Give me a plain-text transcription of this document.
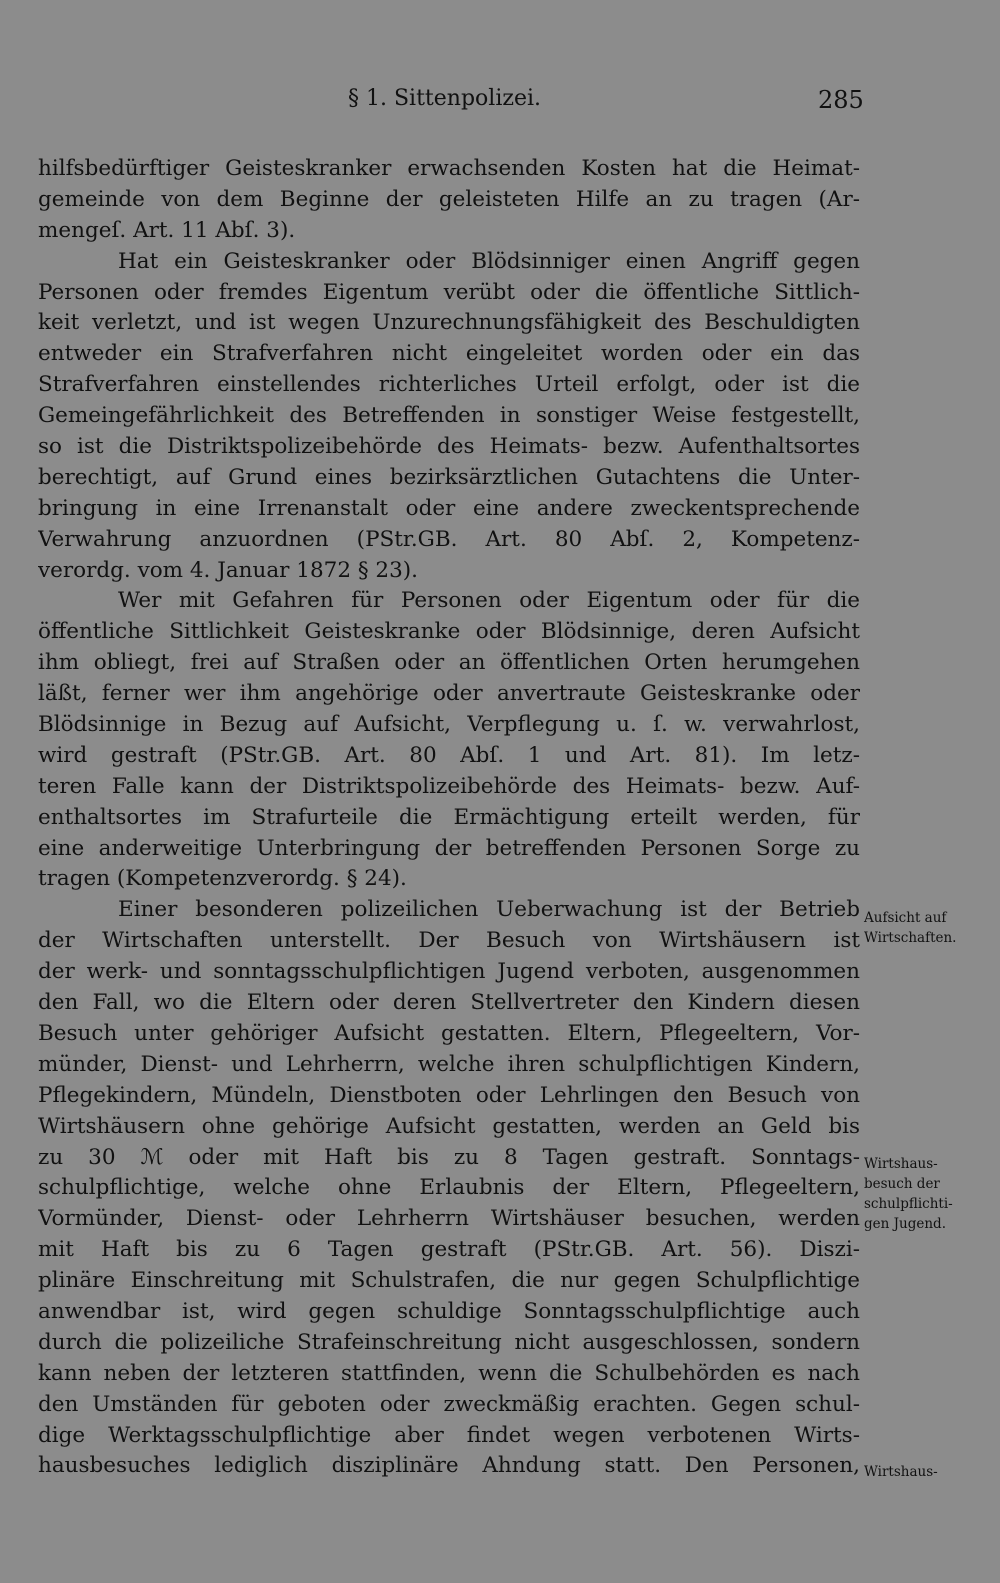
§ 1. Sittenpolizei.	285
hilfsbedürftiger Geisteskranker erwachsenden Kosten hat die Heimat-
gemeinde von dem Beginne der geleisteten Hilfe an zu tragen (Ar-
mengeſ. Art. 11 Abſ. 3).
Hat ein Geisteskranker oder Blödsinniger einen Angriff gegen
Personen oder fremdes Eigentum verübt oder die öffentliche Sittlich-
keit verletzt, und ist wegen Unzurechnungsfähigkeit des Beschuldigten
entweder ein Strafverfahren nicht eingeleitet worden oder ein das
Strafverfahren einstellendes richterliches Urteil erfolgt, oder ist die
Gemeingefährlichkeit des Betreffenden in sonstiger Weise festgestellt,
so ist die Distriktspolizeibehörde des Heimats- bezw. Aufenthaltsortes
berechtigt, auf Grund eines bezirksärztlichen Gutachtens die Unter-
bringung in eine Irrenanstalt oder eine andere zweckentsprechende
Verwahrung anzuordnen (PStr.GB. Art. 80 Abſ. 2, Kompetenz-
verordg. vom 4. Januar 1872 § 23).
Wer mit Gefahren für Personen oder Eigentum oder für die
öffentliche Sittlichkeit Geisteskranke oder Blödsinnige, deren Aufsicht
ihm obliegt, frei auf Straßen oder an öffentlichen Orten herumgehen
läßt, ferner wer ihm angehörige oder anvertraute Geisteskranke oder
Blödsinnige in Bezug auf Aufsicht, Verpflegung u. ſ. w. verwahrlost,
wird gestraft (PStr.GB. Art. 80 Abſ. 1 und Art. 81). Im letz-
teren Falle kann der Distriktspolizeibehörde des Heimats- bezw. Auf-
enthaltsortes im Strafurteile die Ermächtigung erteilt werden, für
eine anderweitige Unterbringung der betreffenden Personen Sorge zu
tragen (Kompetenzverordg. § 24).
Einer besonderen polizeilichen Ueberwachung ist der Betrieb
der Wirtschaften unterstellt. Der Besuch von Wirtshäusern ist
der werk- und sonntagsschulpflichtigen Jugend verboten, ausgenommen
den Fall, wo die Eltern oder deren Stellvertreter den Kindern diesen
Besuch unter gehöriger Aufsicht gestatten. Eltern, Pflegeeltern, Vor-
münder, Dienst- und Lehrherrn, welche ihren schulpflichtigen Kindern,
Pflegekindern, Mündeln, Dienstboten oder Lehrlingen den Besuch von
Wirtshäusern ohne gehörige Aufsicht gestatten, werden an Geld bis
zu 30 ℳ oder mit Haft bis zu 8 Tagen gestraft. Sonntags-
schulpflichtige, welche ohne Erlaubnis der Eltern, Pflegeeltern,
Vormünder, Dienst- oder Lehrherrn Wirtshäuser besuchen, werden
mit Haft bis zu 6 Tagen gestraft (PStr.GB. Art. 56). Diszi-
plinäre Einschreitung mit Schulstrafen, die nur gegen Schulpflichtige
anwendbar ist, wird gegen schuldige Sonntagsschulpflichtige auch
durch die polizeiliche Strafeinschreitung nicht ausgeschlossen, sondern
kann neben der letzteren stattfinden, wenn die Schulbehörden es nach
den Umständen für geboten oder zweckmäßig erachten. Gegen schul-
dige Werktagsschulpflichtige aber findet wegen verbotenen Wirts-
hausbesuches lediglich disziplinäre Ahndung statt. Den Personen,
Aufsicht auf
Wirtschaften.
Wirtshaus-
besuch der
schulpflichti-
gen Jugend.
Wirtshaus-
